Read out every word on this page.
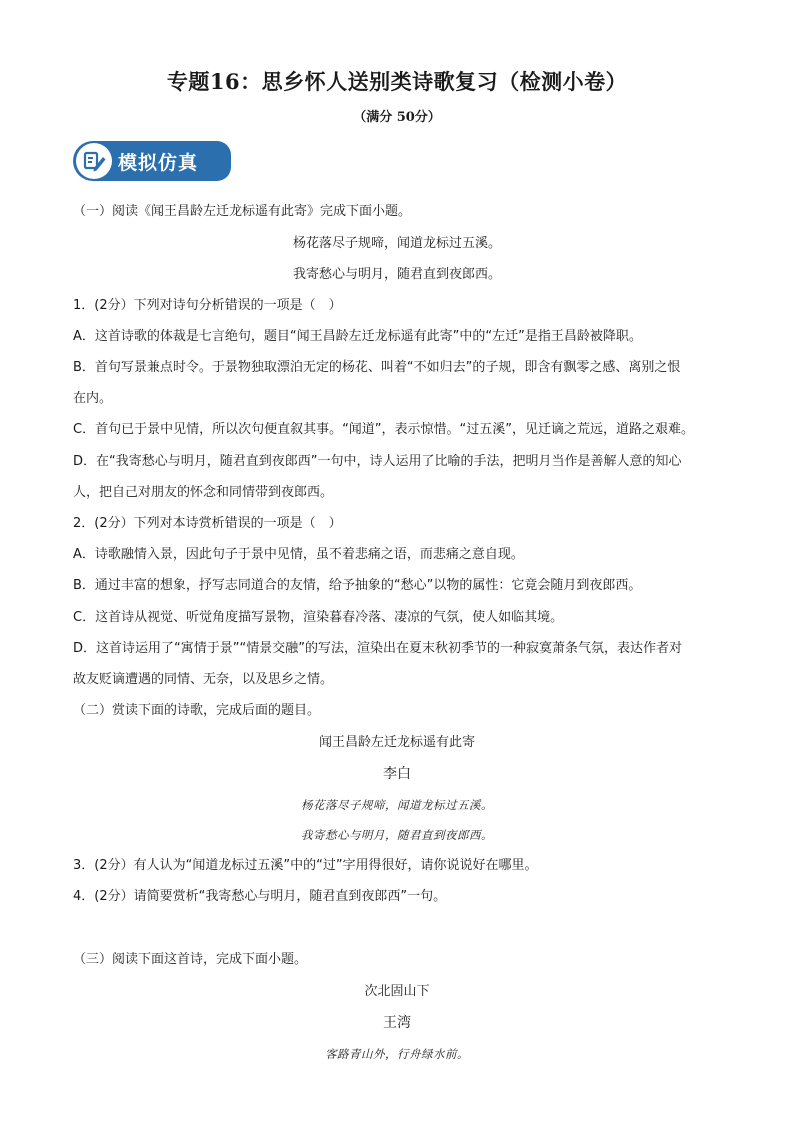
专题16：思乡怀人送别类诗歌复习（检测小卷）
（满分 50分）
模拟仿真
（一）阅读《闻王昌龄左迁龙标遥有此寄》完成下面小题。
杨花落尽子规啼，闻道龙标过五溪。
我寄愁心与明月，随君直到夜郎西。
1．(2分）下列对诗句分析错误的一项是（　）
A．这首诗歌的体裁是七言绝句，题目“闻王昌龄左迁龙标遥有此寄”中的“左迁”是指王昌龄被降职。
B．首句写景兼点时令。于景物独取漂泊无定的杨花、叫着“不如归去”的子规，即含有飘零之感、离别之恨
在内。
C．首句已于景中见情，所以次句便直叙其事。“闻道”，表示惊惜。“过五溪”，见迁谪之荒远，道路之艰难。
D．在“我寄愁心与明月，随君直到夜郎西”一句中，诗人运用了比喻的手法，把明月当作是善解人意的知心
人，把自己对朋友的怀念和同情带到夜郎西。
2．(2分）下列对本诗赏析错误的一项是（　）
A．诗歌融情入景，因此句子于景中见情，虽不着悲痛之语，而悲痛之意自现。
B．通过丰富的想象，抒写志同道合的友情，给予抽象的“愁心”以物的属性：它竟会随月到夜郎西。
C．这首诗从视觉、听觉角度描写景物，渲染暮春冷落、凄凉的气氛，使人如临其境。
D．这首诗运用了“寓情于景”“情景交融”的写法，渲染出在夏末秋初季节的一种寂寞萧条气氛，表达作者对
故友贬谪遭遇的同情、无奈，以及思乡之情。
（二）赏读下面的诗歌，完成后面的题目。
闻王昌龄左迁龙标遥有此寄
李白
杨花落尽子规啼，闻道龙标过五溪。
我寄愁心与明月，随君直到夜郎西。
3．(2分）有人认为“闻道龙标过五溪”中的“过”字用得很好，请你说说好在哪里。
4．(2分）请简要赏析“我寄愁心与明月，随君直到夜郎西”一句。
（三）阅读下面这首诗，完成下面小题。
次北固山下
王湾
客路青山外，行舟绿水前。
